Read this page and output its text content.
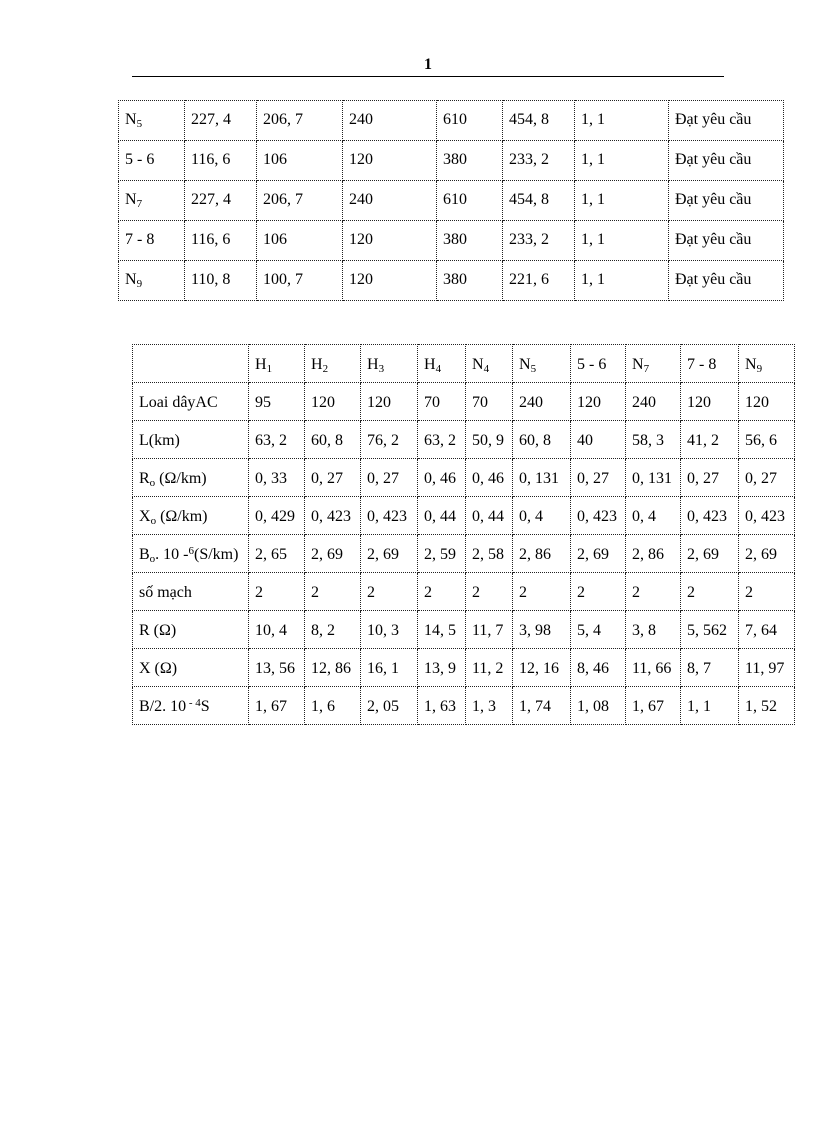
1
$N_5$	227, 4	206, 7	240	610	454, 8	1, 1	Đạt yêu cầu
5 - 6	116, 6	106	120	380	233, 2	1, 1	Đạt yêu cầu
$N_7$	227, 4	206, 7	240	610	454, 8	1, 1	Đạt yêu cầu
7 - 8	116, 6	106	120	380	233, 2	1, 1	Đạt yêu cầu
$N_9$	110, 8	100, 7	120	380	221, 6	1, 1	Đạt yêu cầu
	$H_1$	$H_2$	$H_3$	$H_4$	$N_4$	$N_5$	5 - 6	$N_7$	7 - 8	$N_9$
Loai dâyAC	95	120	120	70	70	240	120	240	120	120
L(km)	63, 2	60, 8	76, 2	63, 2	50, 9	60, 8	40	58, 3	41, 2	56, 6
$R_o$ (Ω/km)	0, 33	0, 27	0, 27	0, 46	0, 46	0, 131	0, 27	0, 131	0, 27	0, 27
$X_o$ (Ω/km)	0, 429	0, 423	0, 423	0, 44	0, 44	0, 4	0, 423	0, 4	0, 423	0, 423
$B_o$. 10 -$^6$(S/km)	2, 65	2, 69	2, 69	2, 59	2, 58	2, 86	2, 69	2, 86	2, 69	2, 69
số mạch	2	2	2	2	2	2	2	2	2	2
R (Ω)	10, 4	8, 2	10, 3	14, 5	11, 7	3, 98	5, 4	3, 8	5, 562	7, 64
X (Ω)	13, 56	12, 86	16, 1	13, 9	11, 2	12, 16	8, 46	11, 66	8, 7	11, 97
B/2. 10 $^{- 4}$S	1, 67	1, 6	2, 05	1, 63	1, 3	1, 74	1, 08	1, 67	1, 1	1, 52
